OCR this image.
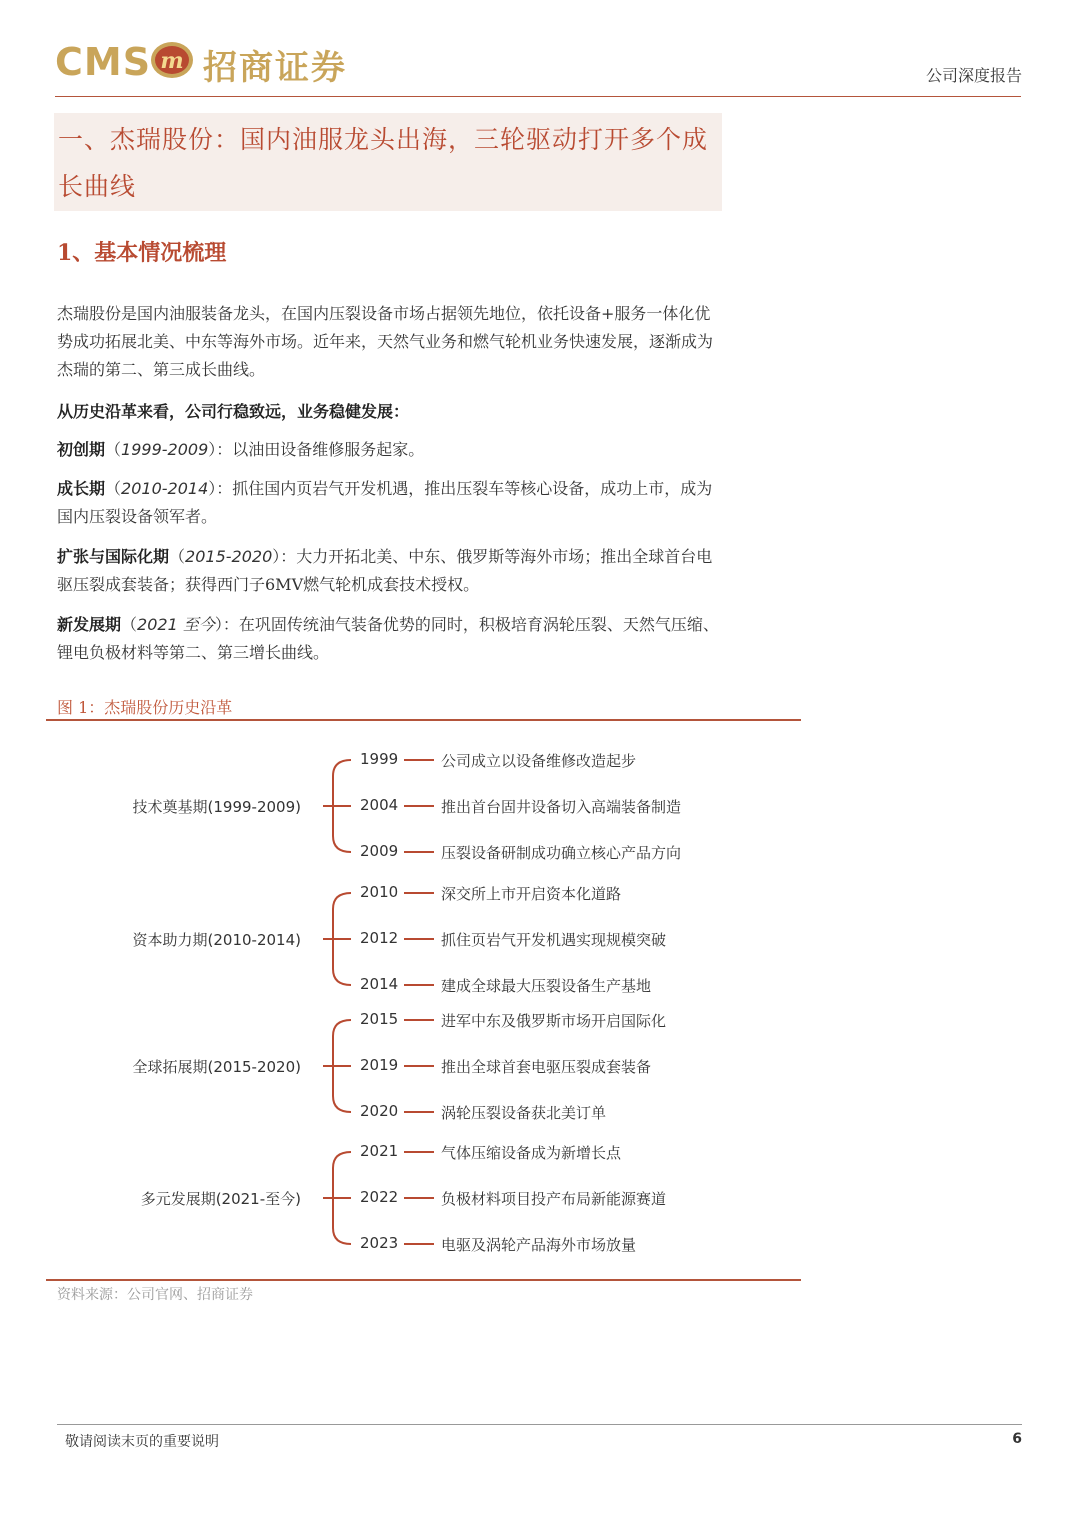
CMS m 招商证券	公司深度报告
一、杰瑞股份：国内油服龙头出海，三轮驱动打开多个成长曲线
1、基本情况梳理
杰瑞股份是国内油服装备龙头，在国内压裂设备市场占据领先地位，依托设备+服务一体化优势成功拓展北美、中东等海外市场。近年来，天然气业务和燃气轮机业务快速发展，逐渐成为杰瑞的第二、第三成长曲线。
从历史沿革来看，公司行稳致远，业务稳健发展：
初创期（1999-2009）：以油田设备维修服务起家。
成长期（2010-2014）：抓住国内页岩气开发机遇，推出压裂车等核心设备，成功上市，成为国内压裂设备领军者。
扩张与国际化期（2015-2020）：大力开拓北美、中东、俄罗斯等海外市场；推出全球首台电驱压裂成套装备；获得西门子6MV燃气轮机成套技术授权。
新发展期（2021 至今）：在巩固传统油气装备优势的同时，积极培育涡轮压裂、天然气压缩、锂电负极材料等第二、第三增长曲线。
图 1：杰瑞股份历史沿革
技术奠基期(1999-2009)
1999	公司成立以设备维修改造起步
2004	推出首台固井设备切入高端装备制造
2009	压裂设备研制成功确立核心产品方向
资本助力期(2010-2014)
2010	深交所上市开启资本化道路
2012	抓住页岩气开发机遇实现规模突破
2014	建成全球最大压裂设备生产基地
全球拓展期(2015-2020)
2015	进军中东及俄罗斯市场开启国际化
2019	推出全球首套电驱压裂成套装备
2020	涡轮压裂设备获北美订单
多元发展期(2021-至今)
2021	气体压缩设备成为新增长点
2022	负极材料项目投产布局新能源赛道
2023	电驱及涡轮产品海外市场放量
资料来源：公司官网、招商证券
敬请阅读末页的重要说明	6
